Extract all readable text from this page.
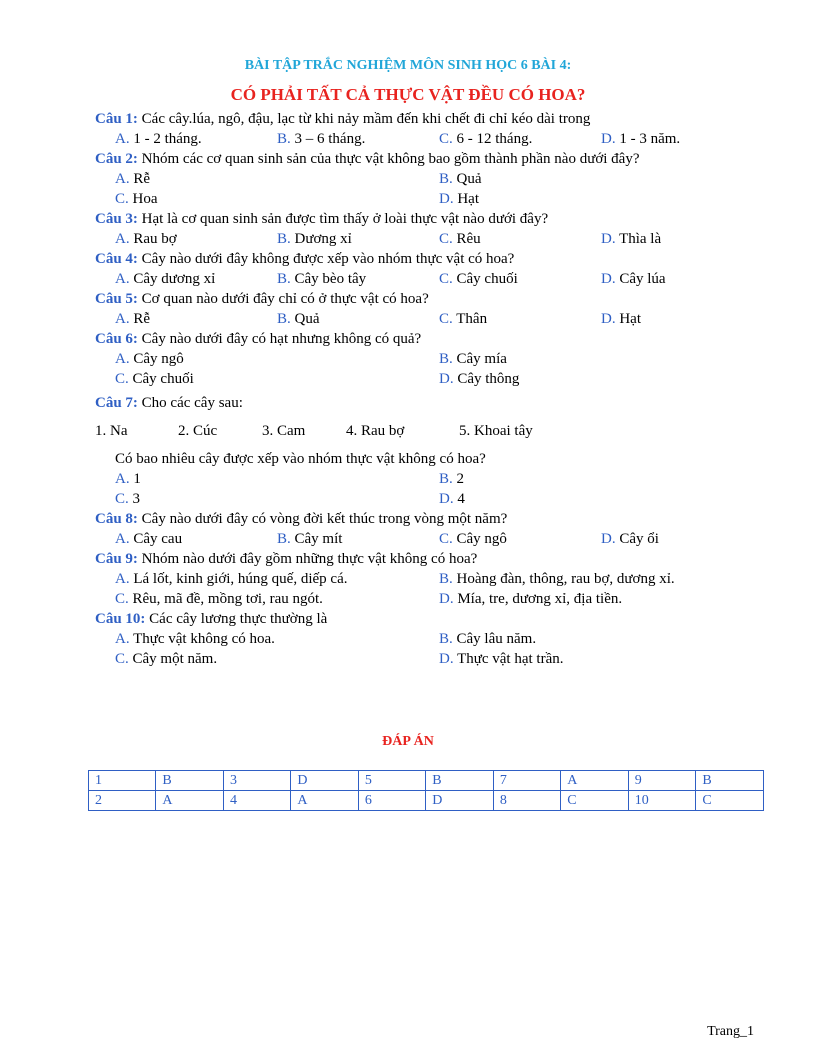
BÀI TẬP TRẮC NGHIỆM MÔN SINH HỌC 6 BÀI 4:
CÓ PHẢI TẤT CẢ THỰC VẬT ĐỀU CÓ HOA?
Câu 1: Các cây.lúa, ngô, đậu, lạc từ khi nảy mầm đến khi chết đi chỉ kéo dài trong
A. 1 - 2 tháng.	B. 3 – 6 tháng.	C. 6 - 12 tháng.	D. 1 - 3 năm.
Câu 2: Nhóm các cơ quan sinh sản của thực vật không bao gồm thành phần nào dưới đây?
A. Rễ	B. Quả
C. Hoa	D. Hạt
Câu 3: Hạt là cơ quan sinh sản được tìm thấy ở loài thực vật nào dưới đây?
A. Rau bợ	B. Dương xỉ	C. Rêu	D. Thìa là
Câu 4: Cây nào dưới đây không được xếp vào nhóm thực vật có hoa?
A. Cây dương xỉ	B. Cây bèo tây	C. Cây chuối	D. Cây lúa
Câu 5: Cơ quan nào dưới đây chỉ có ở thực vật có hoa?
A. Rễ	B. Quả	C. Thân	D. Hạt
Câu 6: Cây nào dưới đây có hạt nhưng không có quả?
A. Cây ngô	B. Cây mía
C. Cây chuối	D. Cây thông
Câu 7: Cho các cây sau:
1. Na	2. Cúc	3. Cam	4. Rau bợ	5. Khoai tây
Có bao nhiêu cây được xếp vào nhóm thực vật không có hoa?
A. 1	B. 2
C. 3	D. 4
Câu 8: Cây nào dưới đây có vòng đời kết thúc trong vòng một năm?
A. Cây cau	B. Cây mít	C. Cây ngô	D. Cây ổi
Câu 9: Nhóm nào dưới đây gồm những thực vật không có hoa?
A. Lá lốt, kinh giới, húng quế, diếp cá.	B. Hoàng đàn, thông, rau bợ, dương xỉ.
C. Rêu, mã đề, mồng tơi, rau ngót.	D. Mía, tre, dương xỉ, địa tiền.
Câu 10: Các cây lương thực thường là
A. Thực vật không có hoa.	B. Cây lâu năm.
C. Cây một năm.	D. Thực vật hạt trần.
ĐÁP ÁN
1	B	3	D	5	B	7	A	9	B
2	A	4	A	6	D	8	C	10	C
Trang_1
